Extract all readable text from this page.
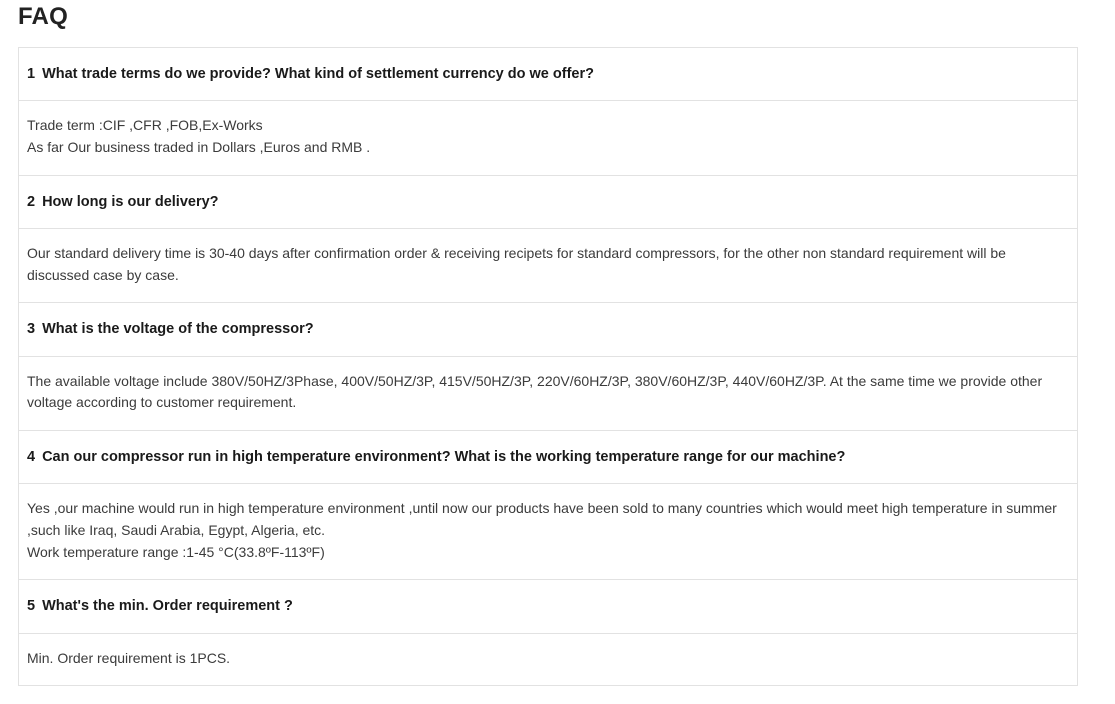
FAQ
1 What trade terms do we provide? What kind of settlement currency do we offer?
Trade term :CIF ,CFR ,FOB,Ex-Works
As far Our business traded in Dollars ,Euros and RMB .
2 How long is our delivery?
Our standard delivery time is 30-40 days after confirmation order & receiving recipets for standard compressors, for the other non standard requirement will be discussed case by case.
3 What is the voltage of the compressor?
The available voltage include 380V/50HZ/3Phase, 400V/50HZ/3P, 415V/50HZ/3P, 220V/60HZ/3P, 380V/60HZ/3P, 440V/60HZ/3P. At the same time we provide other voltage according to customer requirement.
4 Can our compressor run in high temperature environment? What is the working temperature range for our machine?
Yes ,our machine would run in high temperature environment ,until now our products have been sold to many countries which would meet high temperature in summer ,such like Iraq, Saudi Arabia, Egypt, Algeria, etc.
Work temperature range :1-45 °C(33.8ºF-113ºF)
5 What's the min. Order requirement ?
Min. Order requirement is 1PCS.
